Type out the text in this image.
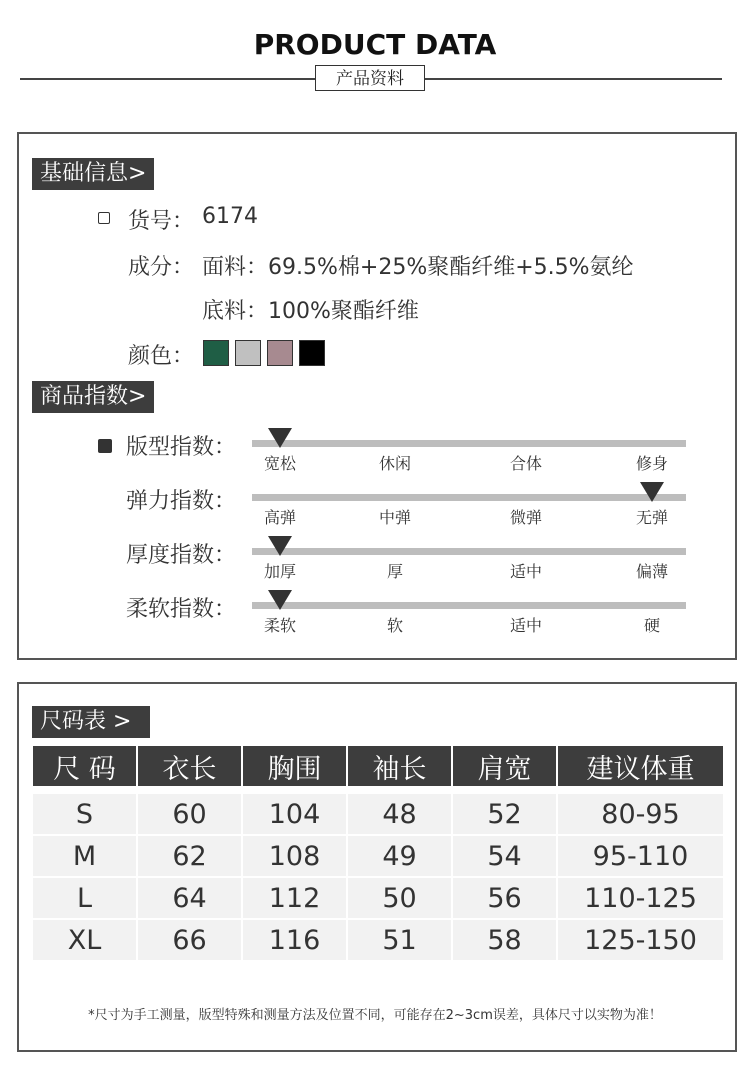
PRODUCT DATA
产品资料
基础信息>
货号： 6174
成分： 面料：69.5%棉+25%聚酯纤维+5.5%氨纶
底料：100%聚酯纤维
颜色：
商品指数>
版型指数：
宽松	休闲	合体	修身
弹力指数：
高弹	中弹	微弹	无弹
厚度指数：
加厚	厚	适中	偏薄
柔软指数：
柔软	软	适中	硬
尺码表 >
尺 码	衣长	胸围	袖长	肩宽	建议体重

S	60	104	48	52	80-95
M	62	108	49	54	95-110
L	64	112	50	56	110-125
XL	66	116	51	58	125-150
*尺寸为手工测量，版型特殊和测量方法及位置不同，可能存在2~3cm误差，具体尺寸以实物为准！
